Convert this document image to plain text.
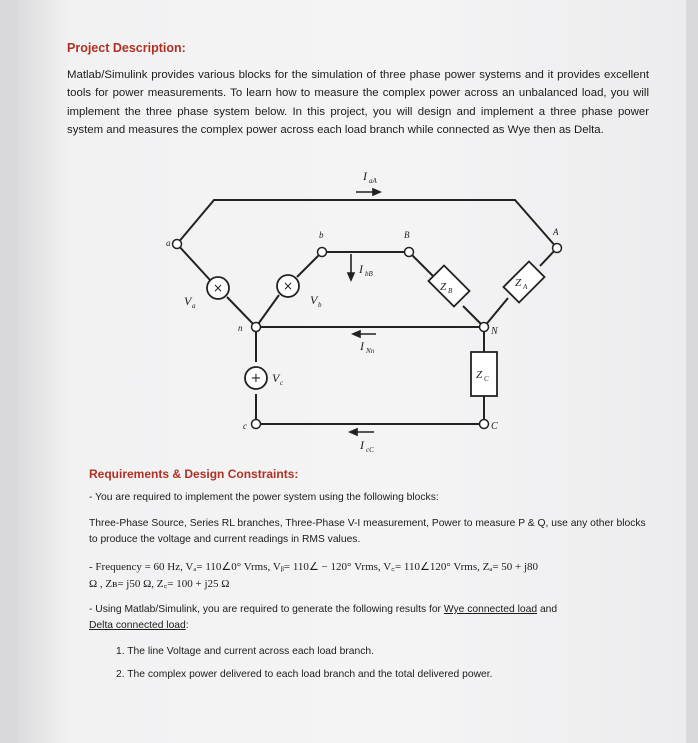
Project Description:
Matlab/Simulink provides various blocks for the simulation of three phase power systems and it provides excellent tools for power measurements. To learn how to measure the complex power across an unbalanced load, you will implement the three phase system below. In this project, you will design and implement a three phase power system and measures the complex power across each load branch while connected as Wye then as Delta.
×	×
+
I aA
I bB
I Nn
I cC
a
b	B	A
n	N
c	C
V a	V b
V c
Z B
Z A
Z C
Requirements & Design Constraints:
- You are required to implement the power system using the following blocks:
Three-Phase Source, Series RL branches, Three-Phase V-I measurement, Power to measure P & Q, use any other blocks to produce the voltage and current readings in RMS values.
- Frequency = 60 Hz, Vₐ= 110∠0° Vrms, Vᵦ= 110∠ − 120° Vrms, V꜀= 110∠120° Vrms, Zₐ= 50 + j80
Ω , Zʙ= j50 Ω, Z꜀= 100 + j25 Ω
- Using Matlab/Simulink, you are required to generate the following results for Wye connected load and
Delta connected load:
1. The line Voltage and current across each load branch.
2. The complex power delivered to each load branch and the total delivered power.
